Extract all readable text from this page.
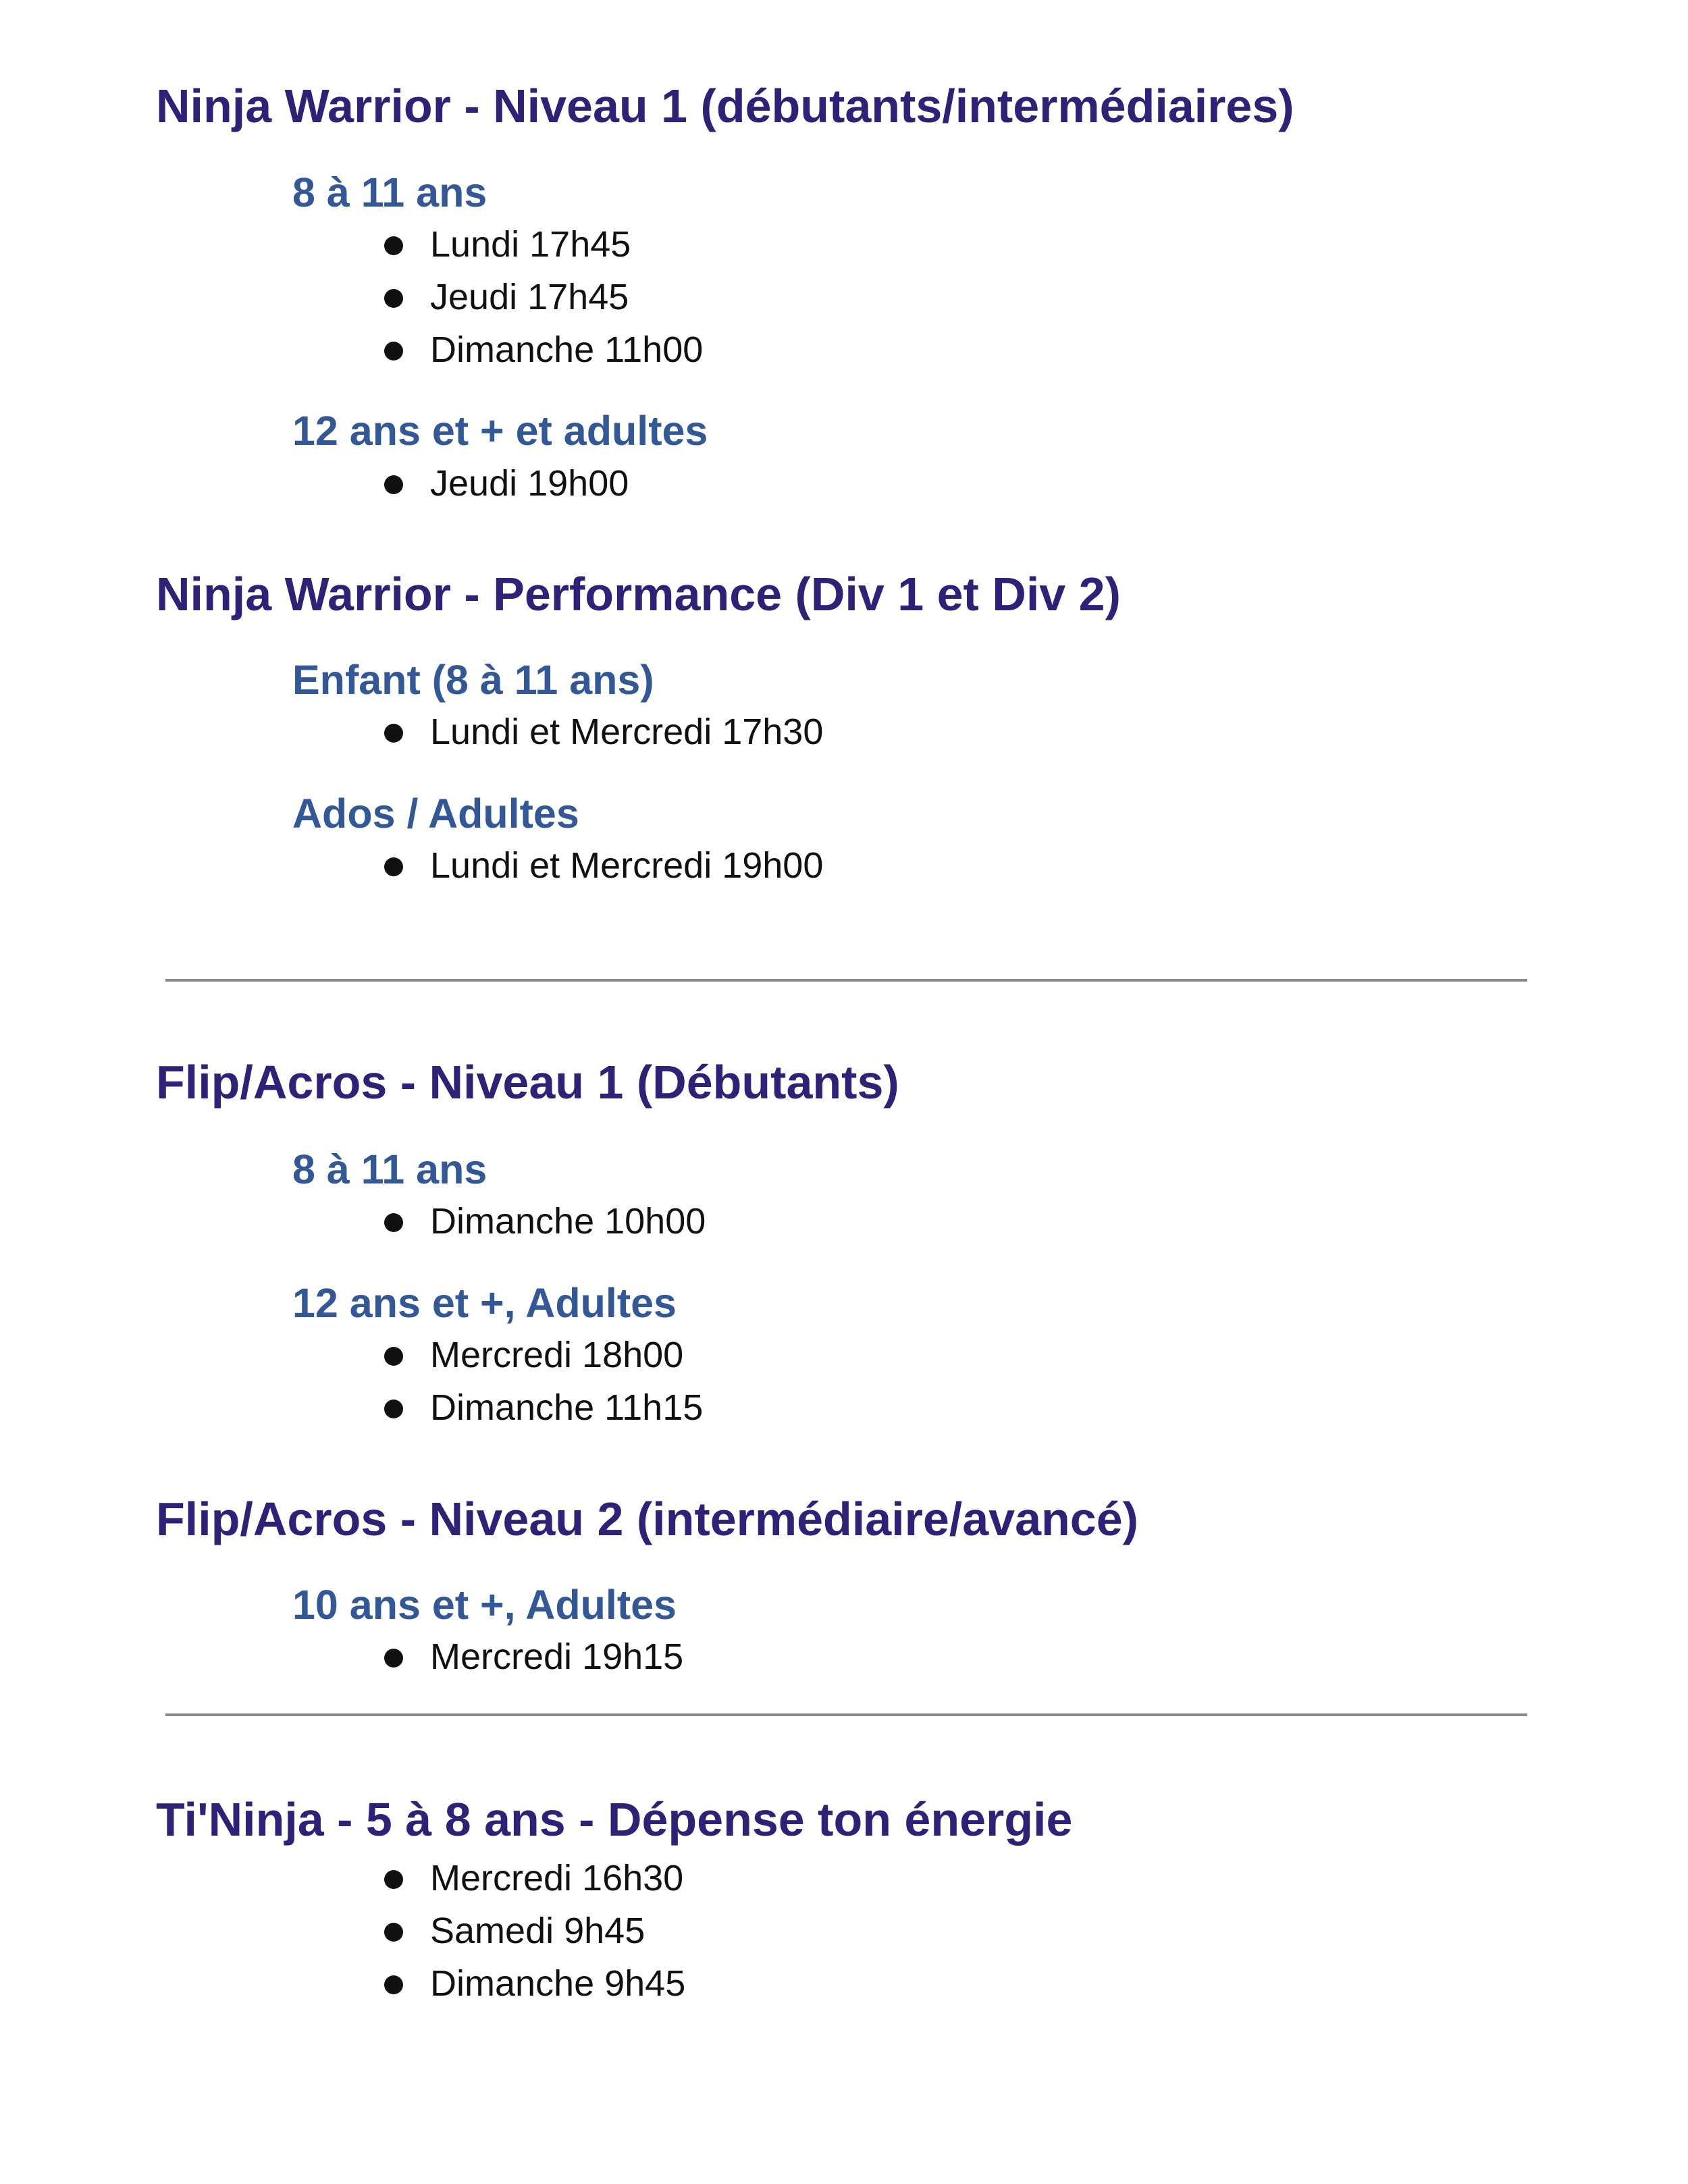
Ninja Warrior - Niveau 1 (débutants/intermédiaires)
8 à 11 ans
Lundi 17h45
Jeudi 17h45
Dimanche 11h00
12 ans et + et adultes
Jeudi 19h00
Ninja Warrior - Performance (Div 1 et Div 2)
Enfant (8 à 11 ans)
Lundi et Mercredi 17h30
Ados / Adultes
Lundi et Mercredi 19h00
Flip/Acros - Niveau 1 (Débutants)
8 à 11 ans
Dimanche 10h00
12 ans et +, Adultes
Mercredi 18h00
Dimanche 11h15
Flip/Acros - Niveau 2 (intermédiaire/avancé)
10 ans et +, Adultes
Mercredi 19h15
Ti'Ninja - 5 à 8 ans - Dépense ton énergie
Mercredi 16h30
Samedi 9h45
Dimanche 9h45
